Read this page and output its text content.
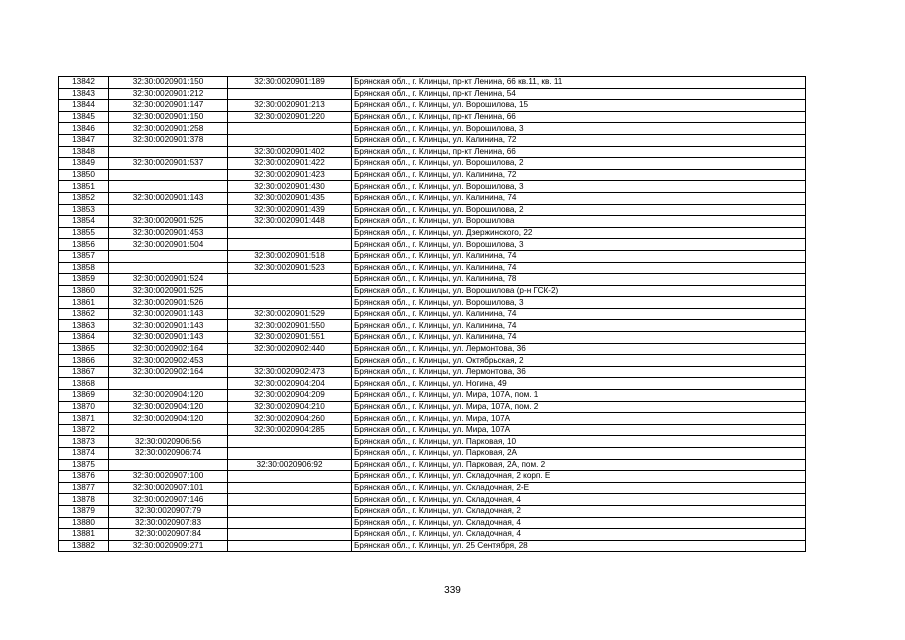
13842	32:30:0020901:150	32:30:0020901:189	Брянская обл., г. Клинцы, пр-кт Ленина, 66 кв.11, кв. 11
13843	32:30:0020901:212		Брянская обл., г. Клинцы, пр-кт Ленина, 54
13844	32:30:0020901:147	32:30:0020901:213	Брянская обл., г. Клинцы, ул. Ворошилова, 15
13845	32:30:0020901:150	32:30:0020901:220	Брянская обл., г. Клинцы, пр-кт Ленина, 66
13846	32:30:0020901:258		Брянская обл., г. Клинцы, ул. Ворошилова, 3
13847	32:30:0020901:378		Брянская обл., г. Клинцы, ул. Калинина, 72
13848		32:30:0020901:402	Брянская обл., г. Клинцы, пр-кт Ленина, 66
13849	32:30:0020901:537	32:30:0020901:422	Брянская обл., г. Клинцы, ул. Ворошилова, 2
13850		32:30:0020901:423	Брянская обл., г. Клинцы, ул. Калинина, 72
13851		32:30:0020901:430	Брянская обл., г. Клинцы, ул. Ворошилова, 3
13852	32:30:0020901:143	32:30:0020901:435	Брянская обл., г. Клинцы, ул. Калинина, 74
13853		32:30:0020901:439	Брянская обл., г. Клинцы, ул. Ворошилова, 2
13854	32:30:0020901:525	32:30:0020901:448	Брянская обл., г. Клинцы, ул. Ворошилова
13855	32:30:0020901:453		Брянская обл., г. Клинцы, ул. Дзержинского, 22
13856	32:30:0020901:504		Брянская обл., г. Клинцы, ул. Ворошилова, 3
13857		32:30:0020901:518	Брянская обл., г. Клинцы, ул. Калинина, 74
13858		32:30:0020901:523	Брянская обл., г. Клинцы, ул. Калинина, 74
13859	32:30:0020901:524		Брянская обл., г. Клинцы, ул. Калинина, 78
13860	32:30:0020901:525		Брянская обл., г. Клинцы, ул. Ворошилова (р-н ГСК-2)
13861	32:30:0020901:526		Брянская обл., г. Клинцы, ул. Ворошилова, 3
13862	32:30:0020901:143	32:30:0020901:529	Брянская обл., г. Клинцы, ул. Калинина, 74
13863	32:30:0020901:143	32:30:0020901:550	Брянская обл., г. Клинцы, ул. Калинина, 74
13864	32:30:0020901:143	32:30:0020901:551	Брянская обл., г. Клинцы, ул. Калинина, 74
13865	32:30:0020902:164	32:30:0020902:440	Брянская обл., г. Клинцы, ул. Лермонтова, 36
13866	32:30:0020902:453		Брянская обл., г. Клинцы, ул. Октябрьская, 2
13867	32:30:0020902:164	32:30:0020902:473	Брянская обл., г. Клинцы, ул. Лермонтова, 36
13868		32:30:0020904:204	Брянская обл., г. Клинцы, ул. Ногина, 49
13869	32:30:0020904:120	32:30:0020904:209	Брянская обл., г. Клинцы, ул. Мира, 107А, пом. 1
13870	32:30:0020904:120	32:30:0020904:210	Брянская обл., г. Клинцы, ул. Мира, 107А, пом. 2
13871	32:30:0020904:120	32:30:0020904:260	Брянская обл., г. Клинцы, ул. Мира, 107А
13872		32:30:0020904:285	Брянская обл., г. Клинцы, ул. Мира, 107А
13873	32:30:0020906:56		Брянская обл., г. Клинцы, ул. Парковая, 10
13874	32:30:0020906:74		Брянская обл., г. Клинцы, ул. Парковая, 2А
13875		32:30:0020906:92	Брянская обл., г. Клинцы, ул. Парковая, 2А, пом. 2
13876	32:30:0020907:100		Брянская обл., г. Клинцы, ул. Складочная, 2 корп. Е
13877	32:30:0020907:101		Брянская обл., г. Клинцы, ул. Складочная, 2-Е
13878	32:30:0020907:146		Брянская обл., г. Клинцы, ул. Складочная, 4
13879	32:30:0020907:79		Брянская обл., г. Клинцы, ул. Складочная, 2
13880	32:30:0020907:83		Брянская обл., г. Клинцы, ул. Складочная, 4
13881	32:30:0020907:84		Брянская обл., г. Клинцы, ул. Складочная, 4
13882	32:30:0020909:271		Брянская обл., г. Клинцы, ул. 25 Сентября, 28
339
